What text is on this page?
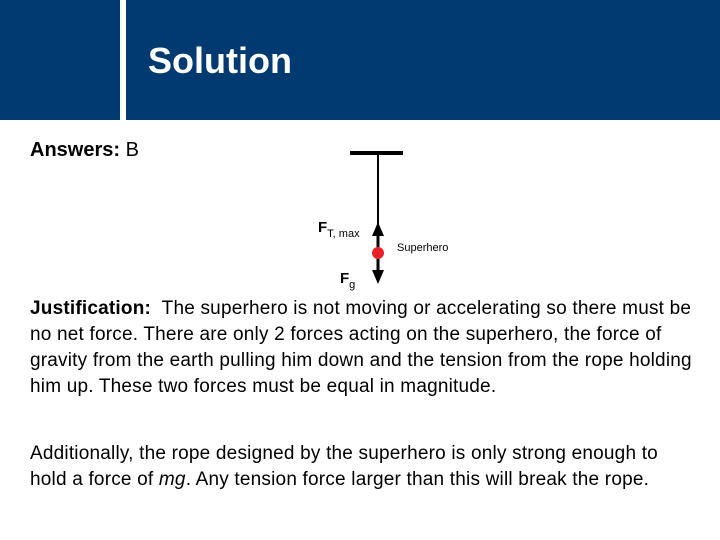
Solution
Answers: B
$F_{T, max}$
Superhero
$F_g$
Justification: The superhero is not moving or accelerating so there must be no net force. There are only 2 forces acting on the superhero, the force of gravity from the earth pulling him down and the tension from the rope holding him up. These two forces must be equal in magnitude.
Additionally, the rope designed by the superhero is only strong enough to hold a force of mg. Any tension force larger than this will break the rope.
